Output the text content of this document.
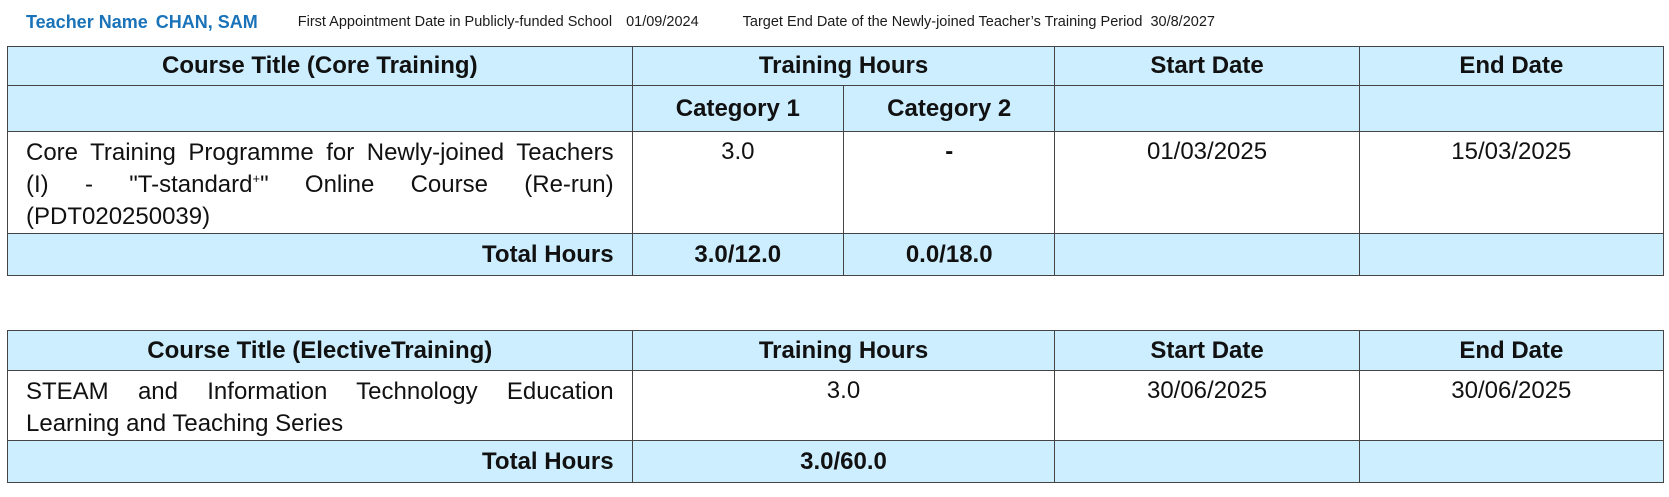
Teacher Name CHAN, SAM	First Appointment Date in Publicly-funded School 01/09/2024	Target End Date of the Newly-joined Teacher’s Training Period 30/8/2027
Course Title (Core Training)	Training Hours		Start Date	End Date
	Category 1	Category 2		
Core Training Programme for Newly-joined Teachers (I) - "T-standard+" Online Course (Re-run) (PDT020250039)	3.0	-	01/03/2025	15/03/2025
Total Hours	3.0/12.0	0.0/18.0		
Course Title (ElectiveTraining)	Training Hours	Start Date	End Date
STEAM and Information Technology Education Learning and Teaching Series	3.0	30/06/2025	30/06/2025
Total Hours	3.0/60.0		
